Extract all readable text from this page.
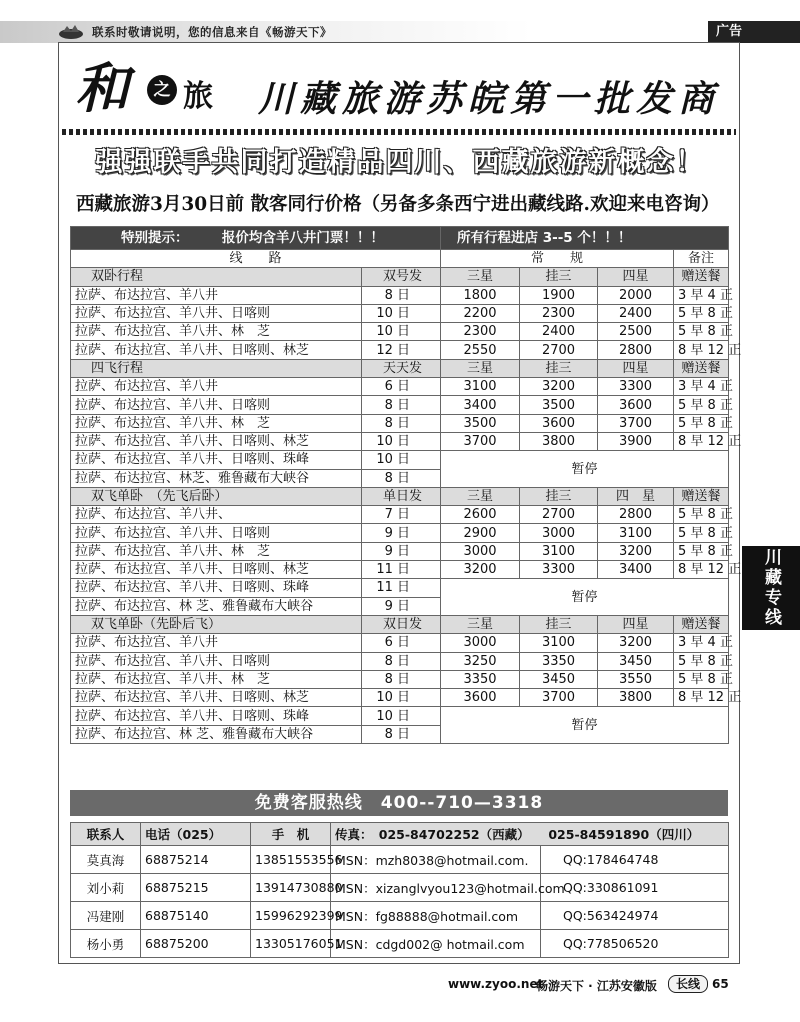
联系时敬请说明，您的信息来自《畅游天下》	广告
和	之 旅 川藏旅游苏皖第一批发商
强强联手共同打造精品四川、西藏旅游新概念！
西藏旅游3月30日前 散客同行价格（另备多条西宁进出藏线路.欢迎来电咨询）
特别提示： 报价均含羊八井门票！！！		所有行程进店 3--5 个！！！			
线　　路		常　　规			备注
双卧行程	双号发	三星	挂三	四星	赠送餐
拉萨、布达拉宫、羊八井	8 日	1800	1900	2000	3 早 4 正
拉萨、布达拉宫、羊八井、日喀则	10 日	2200	2300	2400	5 早 8 正
拉萨、布达拉宫、羊八井、林　芝	10 日	2300	2400	2500	5 早 8 正
拉萨、布达拉宫、羊八井、日喀则、林芝	12 日	2550	2700	2800	8 早 12 正
四飞行程	天天发	三星	挂三	四星	赠送餐
拉萨、布达拉宫、羊八井	6 日	3100	3200	3300	3 早 4 正
拉萨、布达拉宫、羊八井、日喀则	8 日	3400	3500	3600	5 早 8 正
拉萨、布达拉宫、羊八井、林　芝	8 日	3500	3600	3700	5 早 8 正
拉萨、布达拉宫、羊八井、日喀则、林芝	10 日	3700	3800	3900	8 早 12 正
拉萨、布达拉宫、羊八井、日喀则、珠峰	10 日	暂停			
拉萨、布达拉宫、林芝、雅鲁藏布大峡谷	8 日				
双飞单卧　（先飞后卧）	单日发	三星	挂三	四　星	赠送餐
拉萨、布达拉宫、羊八井、	7 日	2600	2700	2800	5 早 8 正
拉萨、布达拉宫、羊八井、日喀则	9 日	2900	3000	3100	5 早 8 正
拉萨、布达拉宫、羊八井、林　芝	9 日	3000	3100	3200	5 早 8 正
拉萨、布达拉宫、羊八井、日喀则、林芝	11 日	3200	3300	3400	8 早 12 正
拉萨、布达拉宫、羊八井、日喀则、珠峰	11 日	暂停			
拉萨、布达拉宫、林 芝、雅鲁藏布大峡谷	9 日				
双飞单卧（先卧后飞）	双日发	三星	挂三	四星	赠送餐
拉萨、布达拉宫、羊八井	6 日	3000	3100	3200	3 早 4 正
拉萨、布达拉宫、羊八井、日喀则	8 日	3250	3350	3450	5 早 8 正
拉萨、布达拉宫、羊八井、林　芝	8 日	3350	3450	3550	5 早 8 正
拉萨、布达拉宫、羊八井、日喀则、林芝	10 日	3600	3700	3800	8 早 12 正
拉萨、布达拉宫、羊八井、日喀则、珠峰	10 日	暂停			
拉萨、布达拉宫、林 芝、雅鲁藏布大峡谷	8 日				
免费客服热线　400--710—3318
联系人	电话（025）	手　机	传真：　025-84702252（西藏）　　025-84591890（四川）	
莫真海	68875214	13851553556	MSN：mzh8038@hotmail.com.	QQ:178464748
刘小莉	68875215	13914730880	MSN：xizanglvyou123@hotmail.com	QQ:330861091
冯建刚	68875140	15996292399	MSN：fg88888@hotmail.com	QQ:563424974
杨小勇	68875200	13305176051	MSN：cdgd002@ hotmail.com	QQ:778506520
www.zyoo.net
畅游天下 · 江苏安徽版	长线	65
川藏专线
